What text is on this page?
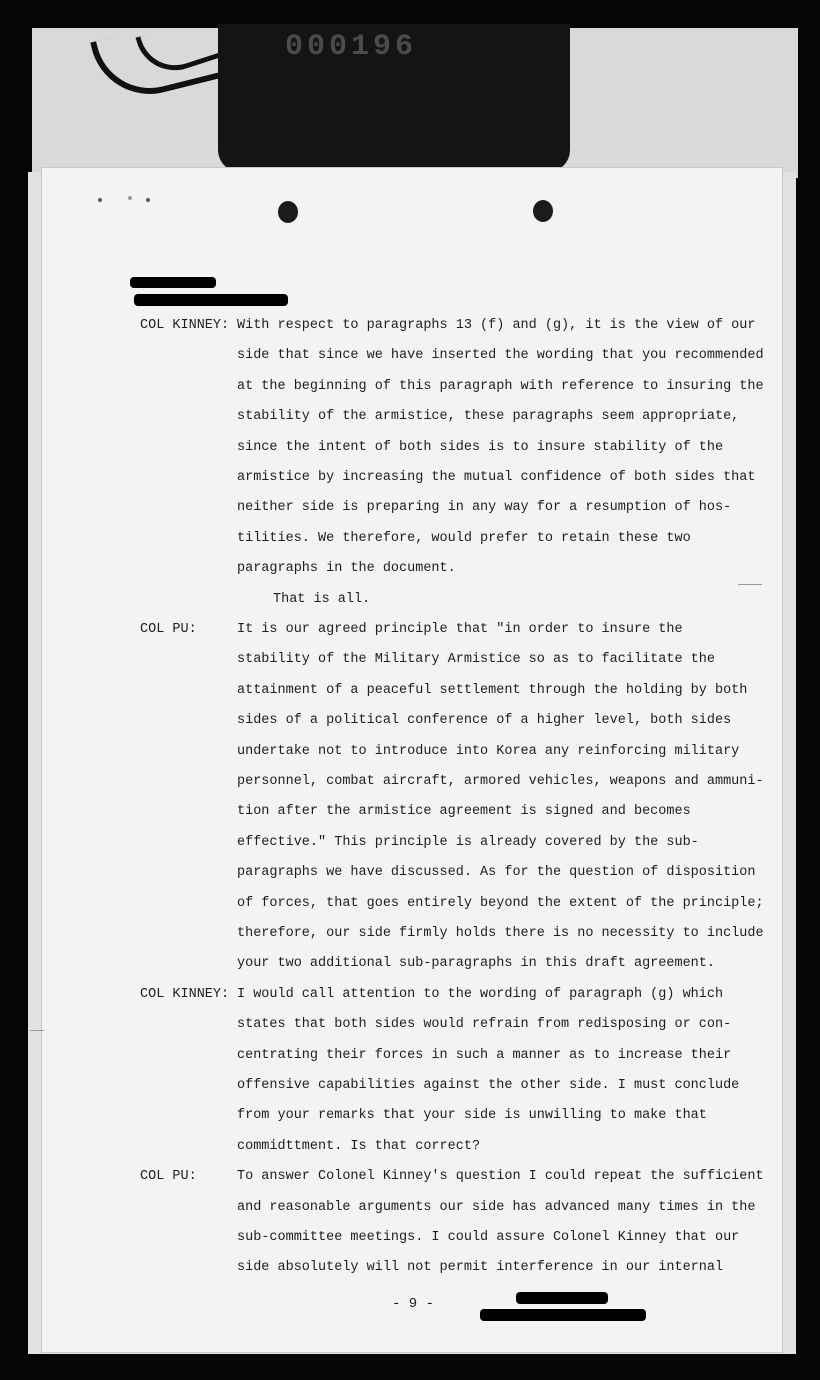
000196
COL KINNEY: With respect to paragraphs 13 (f) and (g), it is the view of our
side that since we have inserted the wording that you recommended
at the beginning of this paragraph with reference to insuring the
stability of the armistice, these paragraphs seem appropriate,
since the intent of both sides is to insure stability of the
armistice by increasing the mutual confidence of both sides that
neither side is preparing in any way for a resumption of hos-
tilities. We therefore, would prefer to retain these two
paragraphs in the document.
That is all.
COL PU:	It is our agreed principle that "in order to insure the
stability of the Military Armistice so as to facilitate the
attainment of a peaceful settlement through the holding by both
sides of a political conference of a higher level, both sides
undertake not to introduce into Korea any reinforcing military
personnel, combat aircraft, armored vehicles, weapons and ammuni-
tion after the armistice agreement is signed and becomes
effective." This principle is already covered by the sub-
paragraphs we have discussed. As for the question of disposition
of forces, that goes entirely beyond the extent of the principle;
therefore, our side firmly holds there is no necessity to include
your two additional sub-paragraphs in this draft agreement.
COL KINNEY: I would call attention to the wording of paragraph (g) which
states that both sides would refrain from redisposing or con-
centrating their forces in such a manner as to increase their
offensive capabilities against the other side. I must conclude
from your remarks that your side is unwilling to make that
commidttment. Is that correct?
COL PU:	To answer Colonel Kinney's question I could repeat the sufficient
and reasonable arguments our side has advanced many times in the
sub-committee meetings. I could assure Colonel Kinney that our
side absolutely will not permit interference in our internal
- 9 -
